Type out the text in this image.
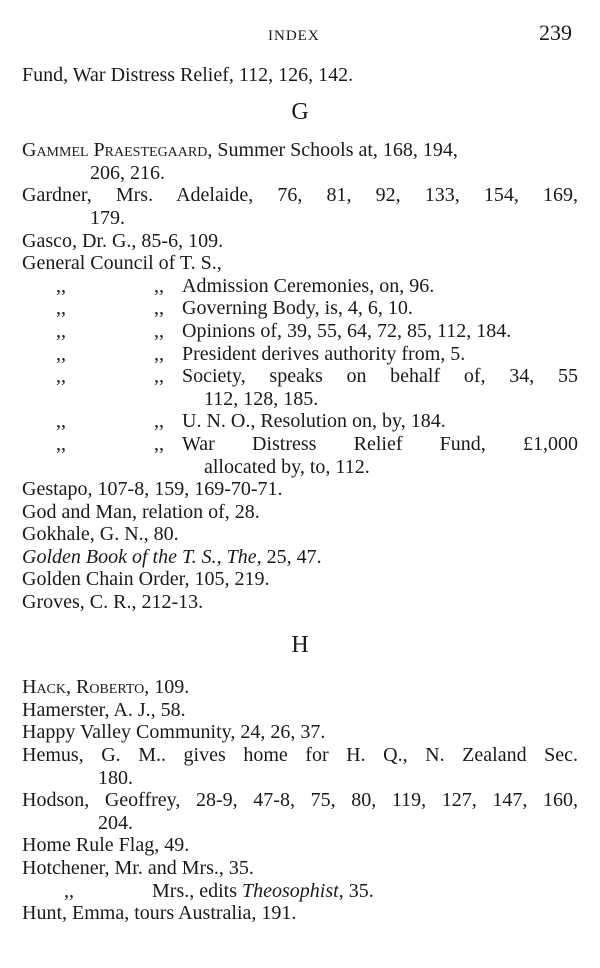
INDEX	239
Fund, War Distress Relief, 112, 126, 142.
G
Gammel Praestegaard, Summer Schools at, 168, 194,
206, 216.
Gardner, Mrs. Adelaide, 76, 81, 92, 133, 154, 169,
179.
Gasco, Dr. G., 85-6, 109.
General Council of T. S.,
,,	,, Admission Ceremonies, on, 96.
,,	,, Governing Body, is, 4, 6, 10.
,,	,, Opinions of, 39, 55, 64, 72, 85, 112, 184.
,,	,, President derives authority from, 5.
,,	,, Society, speaks on behalf of, 34, 55
112, 128, 185.
,,	,, U. N. O., Resolution on, by, 184.
,,	,, War Distress Relief Fund, £1,000
allocated by, to, 112.
Gestapo, 107-8, 159, 169-70-71.
God and Man, relation of, 28.
Gokhale, G. N., 80.
Golden Book of the T. S., The, 25, 47.
Golden Chain Order, 105, 219.
Groves, C. R., 212-13.
H
Hack, Roberto, 109.
Hamerster, A. J., 58.
Happy Valley Community, 24, 26, 37.
Hemus, G. M.. gives home for H. Q., N. Zealand Sec.
180.
Hodson, Geoffrey, 28-9, 47-8, 75, 80, 119, 127, 147, 160,
204.
Home Rule Flag, 49.
Hotchener, Mr. and Mrs., 35.
,,	Mrs., edits Theosophist, 35.
Hunt, Emma, tours Australia, 191.
